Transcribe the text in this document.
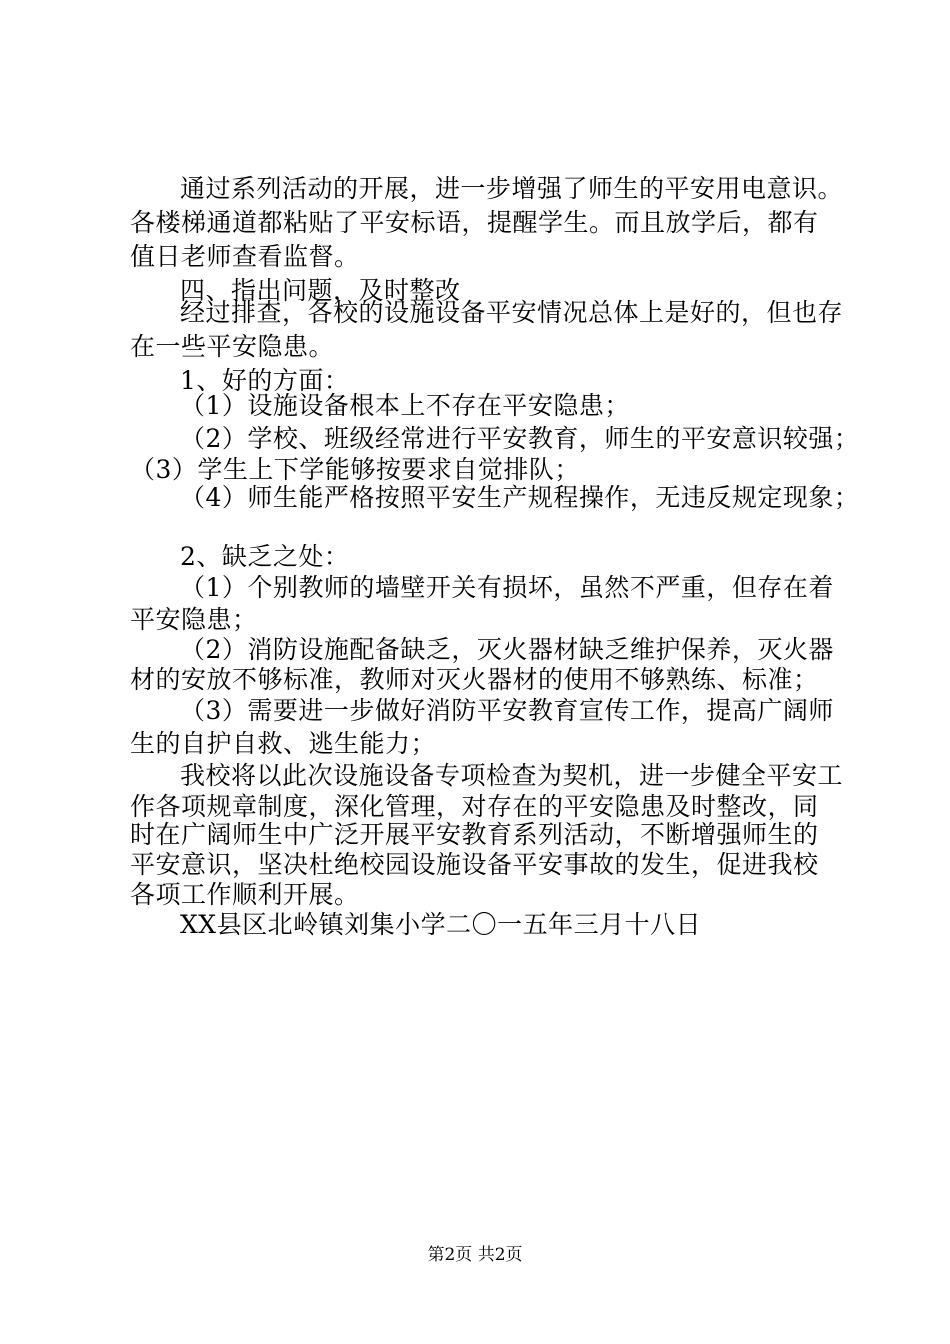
通过系列活动的开展，进一步增强了师生的平安用电意识。
各楼梯通道都粘贴了平安标语，提醒学生。而且放学后，都有
值日老师查看监督。
四、指出问题，及时整改
经过排查，各校的设施设备平安情况总体上是好的，但也存
在一些平安隐患。
1、好的方面：
（1）设施设备根本上不存在平安隐患；
（2）学校、班级经常进行平安教育，师生的平安意识较强；
（3）学生上下学能够按要求自觉排队；
（4）师生能严格按照平安生产规程操作，无违反规定现象；
2、缺乏之处：
（1）个别教师的墙壁开关有损坏，虽然不严重，但存在着
平安隐患；
（2）消防设施配备缺乏，灭火器材缺乏维护保养，灭火器
材的安放不够标准，教师对灭火器材的使用不够熟练、标准；
（3）需要进一步做好消防平安教育宣传工作，提高广阔师
生的自护自救、逃生能力；
我校将以此次设施设备专项检查为契机，进一步健全平安工
作各项规章制度，深化管理，对存在的平安隐患及时整改，同
时在广阔师生中广泛开展平安教育系列活动，不断增强师生的
平安意识，坚决杜绝校园设施设备平安事故的发生，促进我校
各项工作顺利开展。
XX县区北岭镇刘集小学二〇一五年三月十八日
第2页 共2页
